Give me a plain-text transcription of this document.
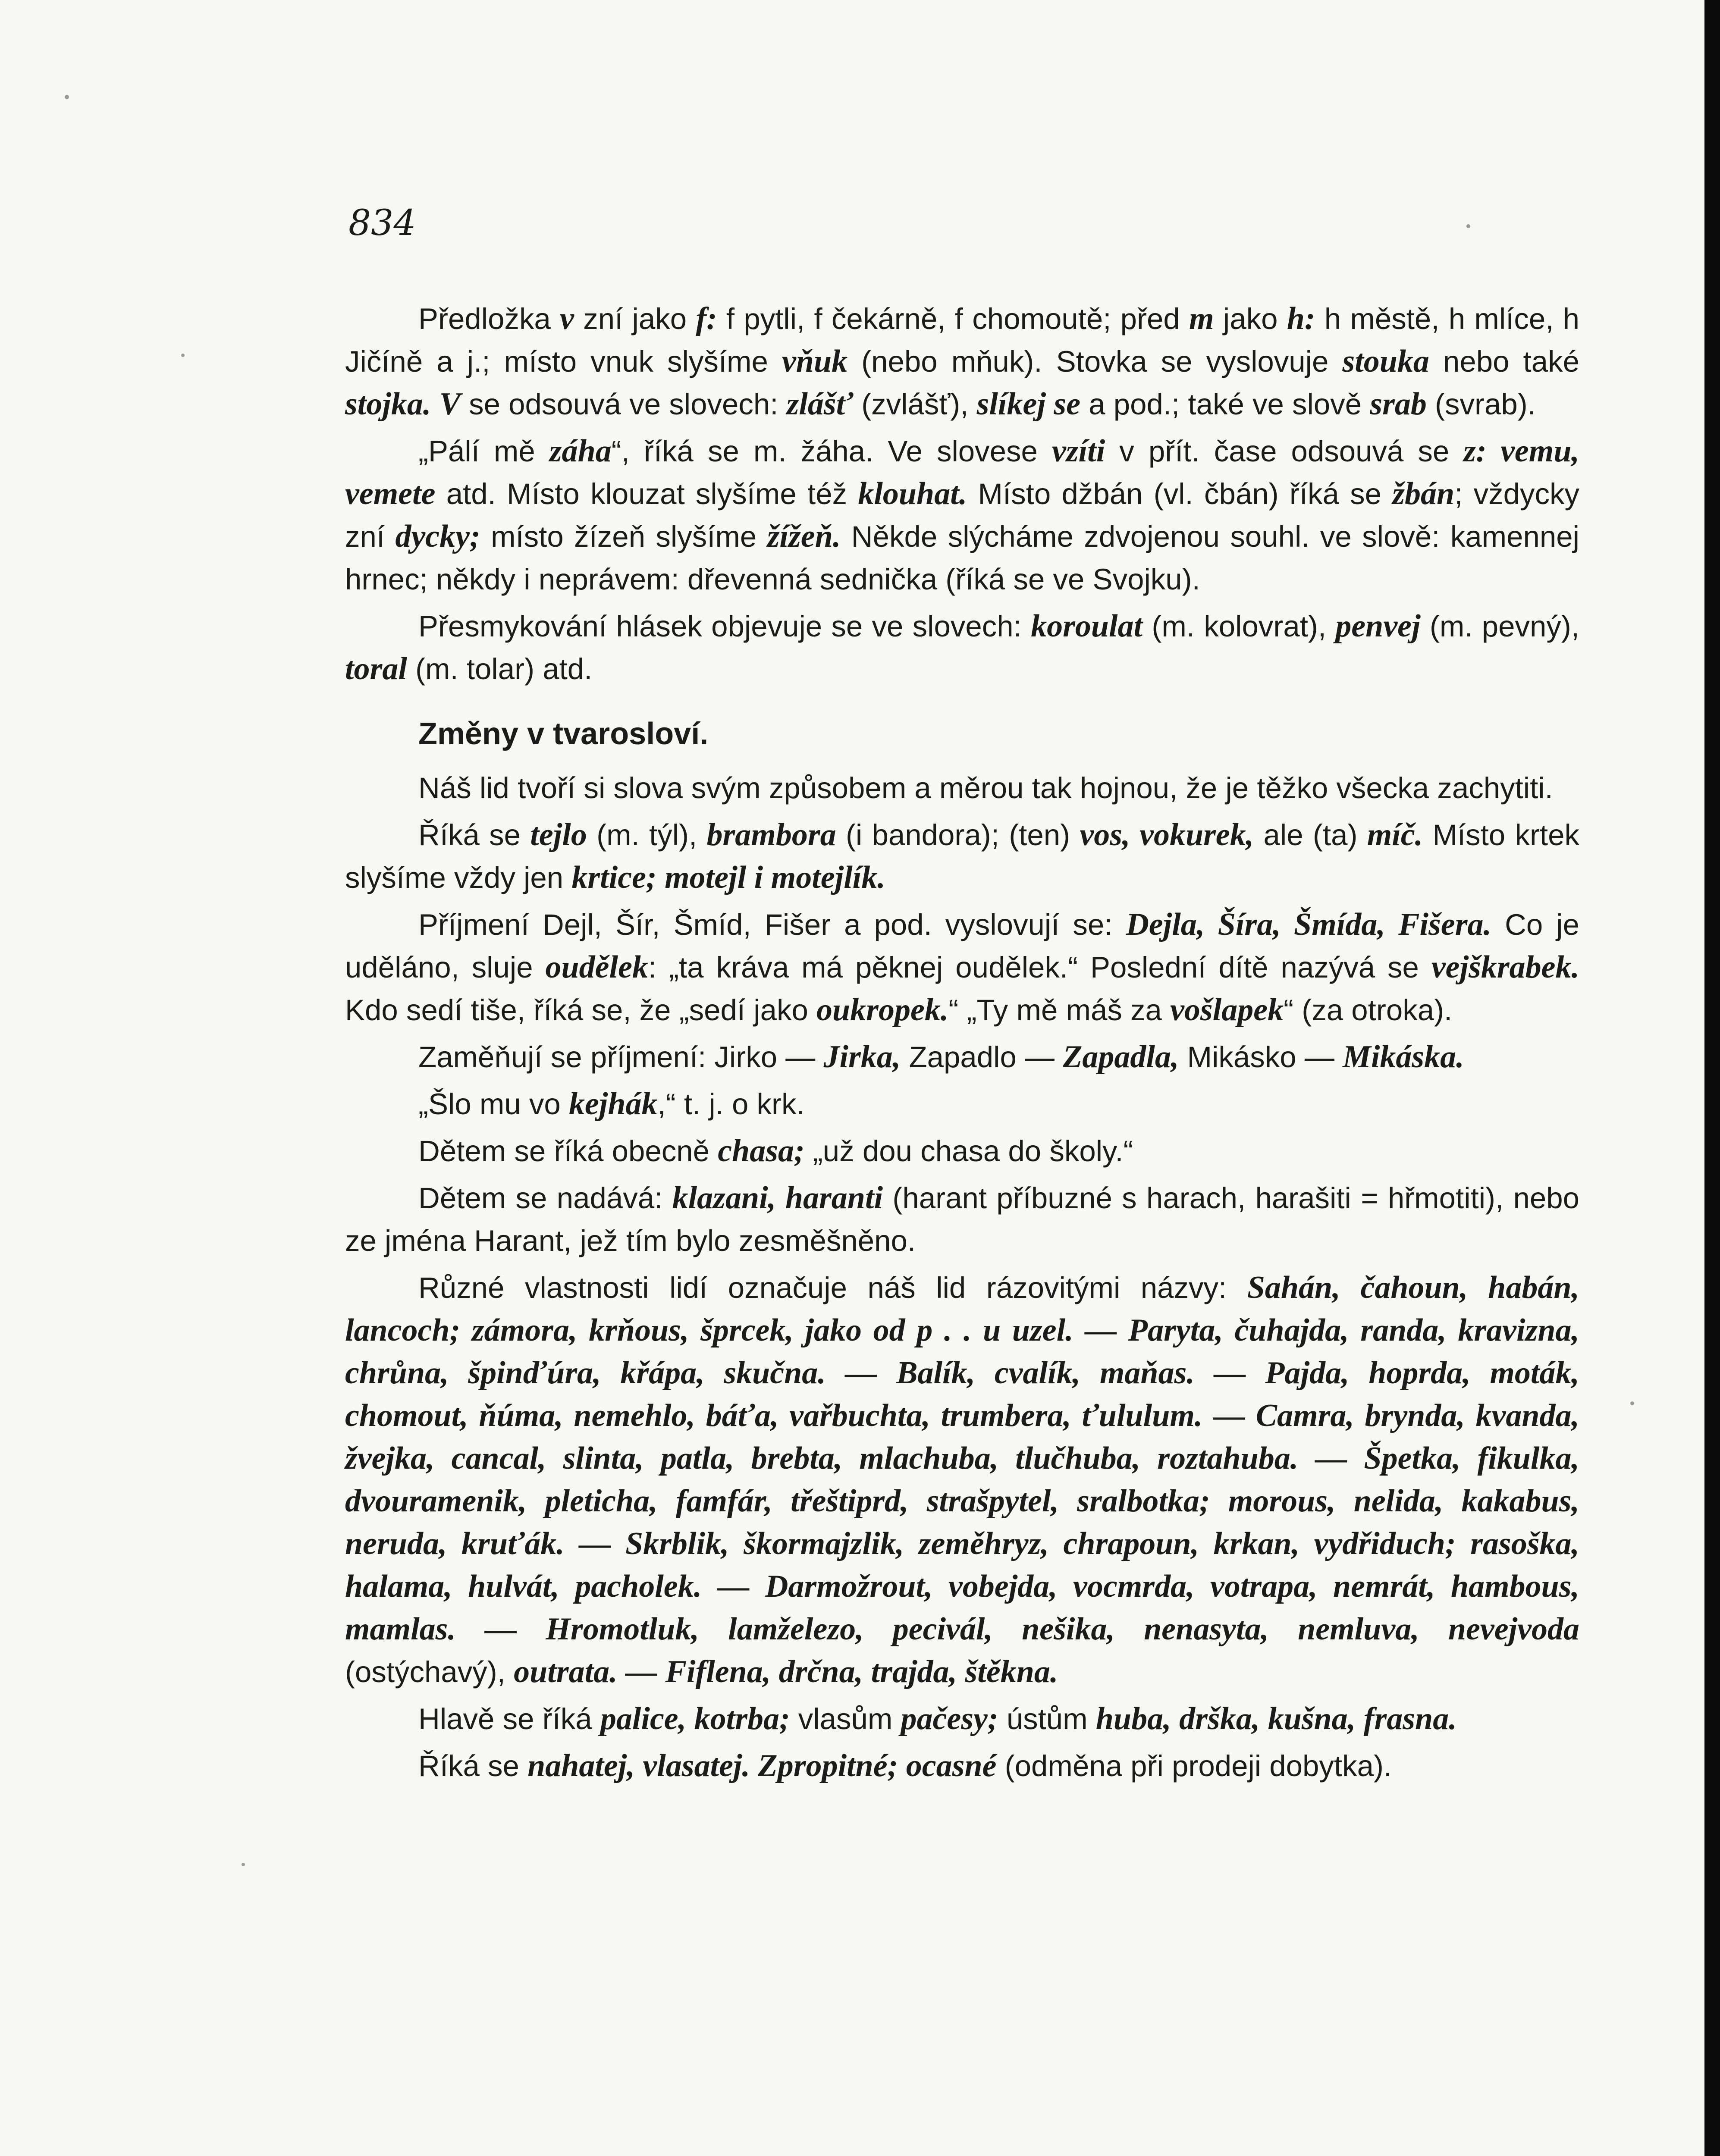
834

Předložka v zní jako f: f pytli, f čekárně, f chomoutě; před m jako h: h městě, h mlíce, h Jičíně a j.; místo vnuk slyšíme vňuk (nebo mňuk). Stovka se vyslovuje stouka nebo také stojka. V se odsouvá ve slovech: zlášť (zvlášť), slíkej se a pod.; také ve slově srab (svrab).

„Pálí mě záha“, říká se m. žáha. Ve slovese vzíti v přít. čase odsouvá se z: vemu, vemete atd. Místo klouzat slyšíme též klouhat. Místo džbán (vl. čbán) říká se žbán; vždycky zní dycky; místo žízeň slyšíme žížeň. Někde slýcháme zdvojenou souhl. ve slově: kamennej hrnec; někdy i neprávem: dřevenná sednička (říká se ve Svojku).

Přesmykování hlásek objevuje se ve slovech: koroulat (m. kolovrat), penvej (m. pevný), toral (m. tolar) atd.

Změny v tvarosloví.

Náš lid tvoří si slova svým způsobem a měrou tak hojnou, že je těžko všecka zachytiti.

Říká se tejlo (m. týl), brambora (i bandora); (ten) vos, vokurek, ale (ta) míč. Místo krtek slyšíme vždy jen krtice; motejl i motejlík.

Příjmení Dejl, Šír, Šmíd, Fišer a pod. vyslovují se: Dejla, Šíra, Šmída, Fišera. Co je uděláno, sluje oudělek: „ta kráva má pěknej oudělek.“ Poslední dítě nazývá se vejškrabek. Kdo sedí tiše, říká se, že „sedí jako oukropek.“ „Ty mě máš za vošlapek“ (za otroka).

Zaměňují se příjmení: Jirko — Jirka, Zapadlo — Zapadla, Mikásko — Mikáska.

„Šlo mu vo kejhák,“ t. j. o krk.

Dětem se říká obecně chasa; „už dou chasa do školy.“

Dětem se nadává: klazani, haranti (harant příbuzné s harach, harašiti = hřmotiti), nebo ze jména Harant, jež tím bylo zesměšněno.

Různé vlastnosti lidí označuje náš lid rázovitými názvy: Sahán, čahoun, habán, lancoch; zámora, krňous, šprcek, jako od p . . u uzel. — Paryta, čuhajda, randa, kravizna, chrůna, špinďúra, křápa, skučna. — Balík, cvalík, maňas. — Pajda, hoprda, moták, chomout, ňúma, nemehlo, báťa, vařbuchta, trumbera, ťululum. — Camra, brynda, kvanda, žvejka, cancal, slinta, patla, brebta, mlachuba, tlučhuba, roztahuba. — Špetka, fikulka, dvouramenik, pleticha, famfár, třeštiprd, strašpytel, sralbotka; morous, nelida, kakabus, neruda, kruťák. — Skrblik, škormajzlik, zeměhryz, chrapoun, krkan, vydřiduch; rasoška, halama, hulvát, pacholek. — Darmožrout, vobejda, vocmrda, votrapa, nemrát, hambous, mamlas. — Hromotluk, lamželezo, pecivál, nešika, nenasyta, nemluva, nevejvoda (ostýchavý), outrata. — Fiflena, drčna, trajda, štěkna.

Hlavě se říká palice, kotrba; vlasům pačesy; ústům huba, drška, kušna, frasna.

Říká se nahatej, vlasatej. Zpropitné; ocasné (odměna při prodeji dobytka).
